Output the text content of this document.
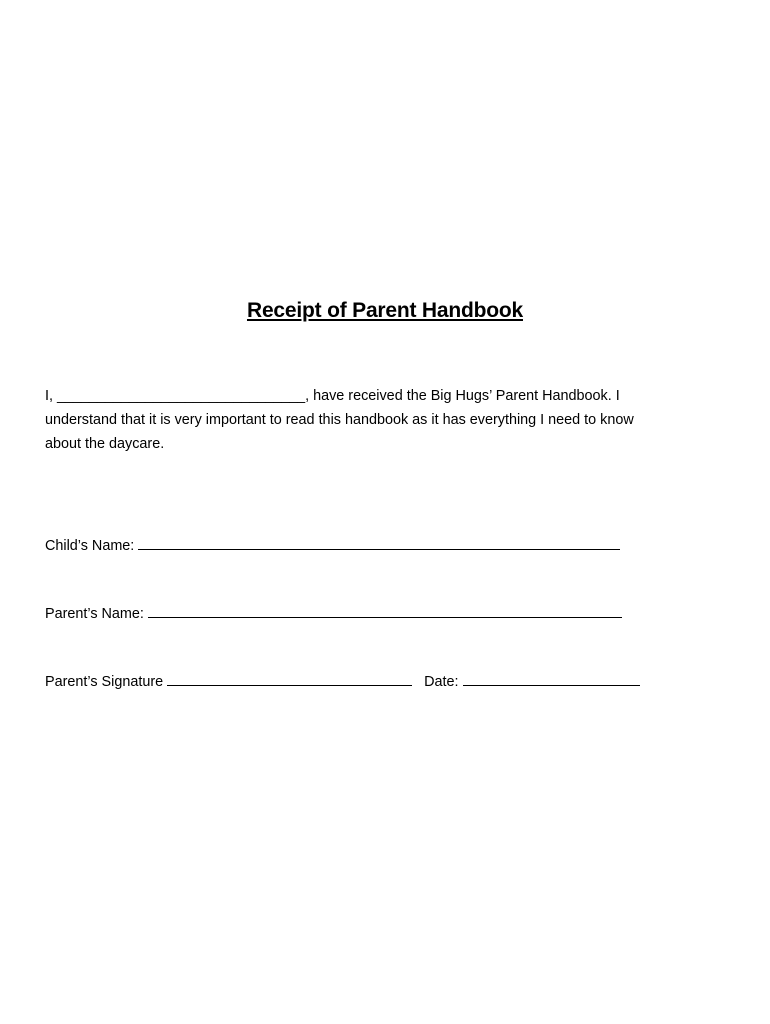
Receipt of Parent Handbook
I, _______________________________, have received the Big Hugs’ Parent Handbook. I
understand that it is very important to read this handbook as it has everything I need to know
about the daycare.
Child’s Name:
Parent’s Name:
Parent’s Signature	Date:
